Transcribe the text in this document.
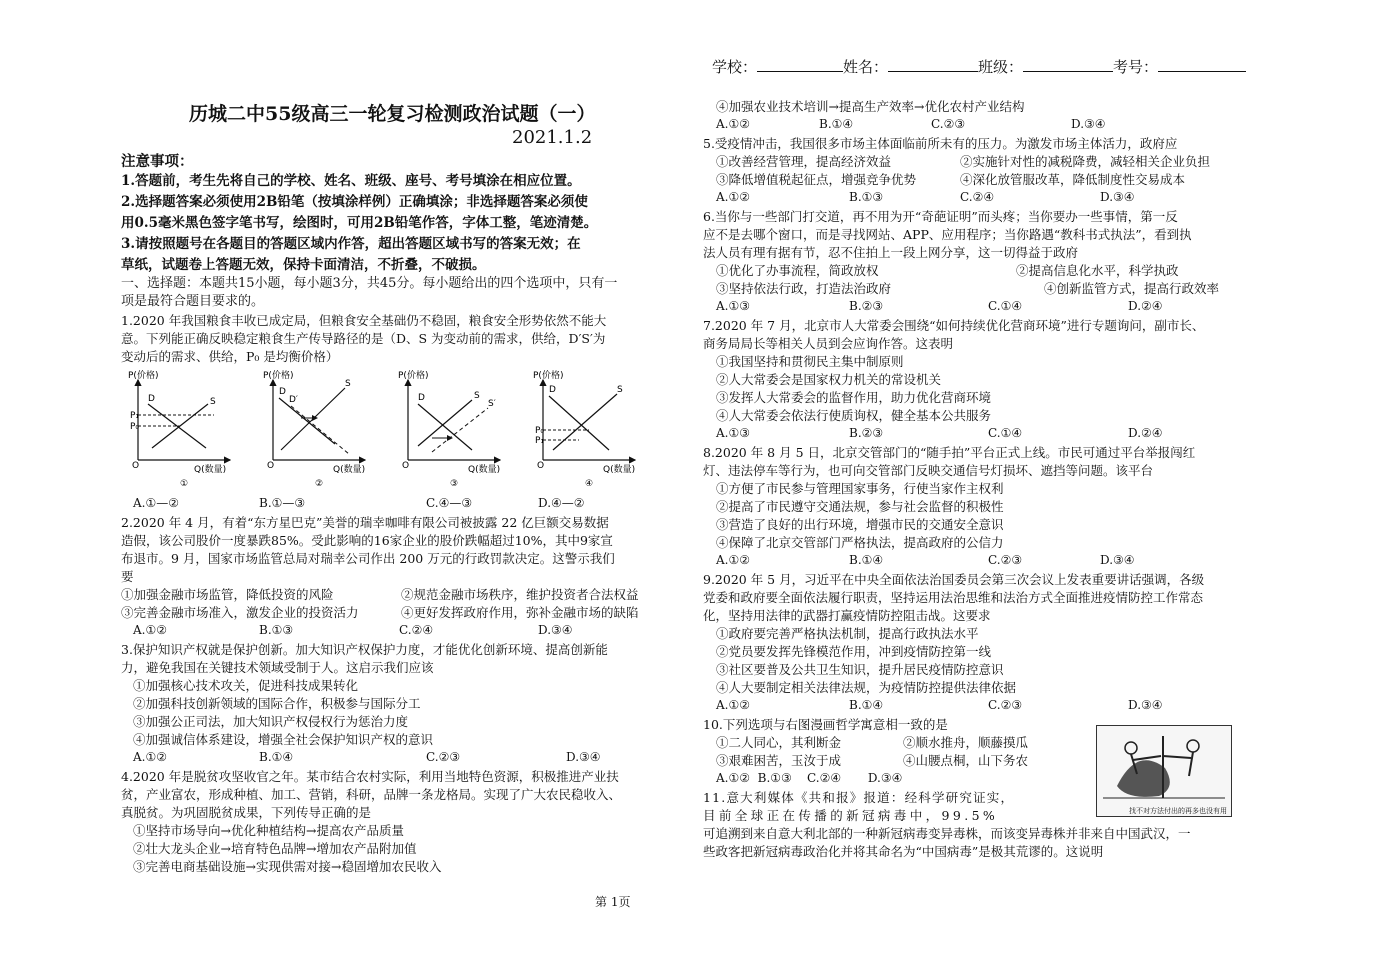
学校：	姓名：	班级：	考号：
历城二中55级高三一轮复习检测政治试题（一）
2021.1.2
注意事项：
1.答题前，考生先将自己的学校、姓名、班级、座号、考号填涂在相应位置。
2.选择题答案必须使用2B铅笔（按填涂样例）正确填涂；非选择题答案必须使
用0.5毫米黑色签字笔书写，绘图时，可用2B铅笔作答，字体工整，笔迹清楚。
3.请按照题号在各题目的答题区域内作答，超出答题区域书写的答案无效；在
草纸，试题卷上答题无效，保持卡面清洁，不折叠，不破损。
一、选择题：本题共15小题，每小题3分，共45分。每小题给出的四个选项中，只有一
项是最符合题目要求的。
1.2020 年我国粮食丰收已成定局，但粮食安全基础仍不稳固，粮食安全形势依然不能大
意。下列能正确反映稳定粮食生产传导路径的是（D、S 为变动前的需求，供给，D′S′为
变动后的需求、供给，P₀ 是均衡价格）
P(价格)
O	Q(数量)
D	S
P₁
P₀
①
P(价格)
O	Q(数量)
D
D′
S
②
P(价格)
O	Q(数量)
D	S
S′
③
P(价格)
O	Q(数量)
D	S
P₀
P₁
④
A.①—②	B.①—③	C.④—③	D.④—②
2.2020 年 4 月，有着“东方星巴克”美誉的瑞幸咖啡有限公司被披露 22 亿巨额交易数据
造假，该公司股价一度暴跌85%。受此影响的16家企业的股价跌幅超过10%，其中9家宣
布退市。9 月，国家市场监管总局对瑞幸公司作出 200 万元的行政罚款决定。这警示我们
要
①加强金融市场监管，降低投资的风险	②规范金融市场秩序，维护投资者合法权益
③完善金融市场准入，激发企业的投资活力	④更好发挥政府作用，弥补金融市场的缺陷
A.①②	B.①③	C.②④	D.③④
3.保护知识产权就是保护创新。加大知识产权保护力度，才能优化创新环境、提高创新能
力，避免我国在关键技术领域受制于人。这启示我们应该
①加强核心技术攻关，促进科技成果转化
②加强科技创新领域的国际合作，积极参与国际分工
③加强公正司法，加大知识产权侵权行为惩治力度
④加强诚信体系建设，增强全社会保护知识产权的意识
A.①②	B.①④	C.②③	D.③④
4.2020 年是脱贫攻坚收官之年。某市结合农村实际，利用当地特色资源，积极推进产业扶
贫，产业富农，形成种植、加工、营销，科研，品牌一条龙格局。实现了广大农民稳收入、
真脱贫。为巩固脱贫成果，下列传导正确的是
①坚持市场导向→优化种植结构→提高农产品质量
②壮大龙头企业→培育特色品牌→增加农产品附加值
③完善电商基础设施→实现供需对接→稳固增加农民收入
④加强农业技术培训→提高生产效率→优化农村产业结构
A.①②	B.①④	C.②③	D.③④
5.受疫情冲击，我国很多市场主体面临前所未有的压力。为激发市场主体活力，政府应
①改善经营管理，提高经济效益	②实施针对性的减税降费，减轻相关企业负担
③降低增值税起征点，增强竞争优势	④深化放管服改革，降低制度性交易成本
A.①②	B.①③	C.②④	D.③④
6.当你与一些部门打交道，再不用为开“奇葩证明”而头疼；当你要办一些事情，第一反
应不是去哪个窗口，而是寻找网站、APP、应用程序；当你路遇“教科书式执法”，看到执
法人员有理有据有节，忍不住拍上一段上网分享，这一切得益于政府
①优化了办事流程，简政放权	②提高信息化水平，科学执政
③坚持依法行政，打造法治政府	④创新监管方式，提高行政效率
A.①③	B.②③	C.①④	D.②④
7.2020 年 7 月，北京市人大常委会围绕“如何持续优化营商环境”进行专题询问，副市长、
商务局局长等相关人员到会应询作答。这表明
①我国坚持和贯彻民主集中制原则
②人大常委会是国家权力机关的常设机关
③发挥人大常委会的监督作用，助力优化营商环境
④人大常委会依法行使质询权，健全基本公共服务
A.①③	B.②③	C.①④	D.②④
8.2020 年 8 月 5 日，北京交管部门的“随手拍”平台正式上线。市民可通过平台举报闯红
灯、违法停车等行为，也可向交管部门反映交通信号灯损坏、遮挡等问题。该平台
①方便了市民参与管理国家事务，行使当家作主权利
②提高了市民遵守交通法规，参与社会监督的积极性
③营造了良好的出行环境，增强市民的交通安全意识
④保障了北京交管部门严格执法，提高政府的公信力
A.①②	B.①④	C.②③	D.③④
9.2020 年 5 月，习近平在中央全面依法治国委员会第三次会议上发表重要讲话强调，各级
党委和政府要全面依法履行职责，坚持运用法治思维和法治方式全面推进疫情防控工作常态
化，坚持用法律的武器打赢疫情防控阻击战。这要求
①政府要完善严格执法机制，提高行政执法水平
②党员要发挥先锋模范作用，冲到疫情防控第一线
③社区要普及公共卫生知识，提升居民疫情防控意识
④人大要制定相关法律法规，为疫情防控提供法律依据
A.①②	B.①④	C.②③	D.③④
10.下列选项与右图漫画哲学寓意相一致的是
①二人同心，其利断金	②顺水推舟，顺藤摸瓜
③艰难困苦，玉汝于成	④山腰点桐，山下务农
A.①②  B.①③    C.②④       D.③④
找不对方法付出的再多也没有用
11.意大利媒体《共和报》报道：经科学研究证实，
目前全球正在传播的新冠病毒中，99.5%
可追溯到来自意大利北部的一种新冠病毒变异毒株，而该变异毒株并非来自中国武汉，一
些政客把新冠病毒政治化并将其命名为“中国病毒”是极其荒谬的。这说明
第 1页
